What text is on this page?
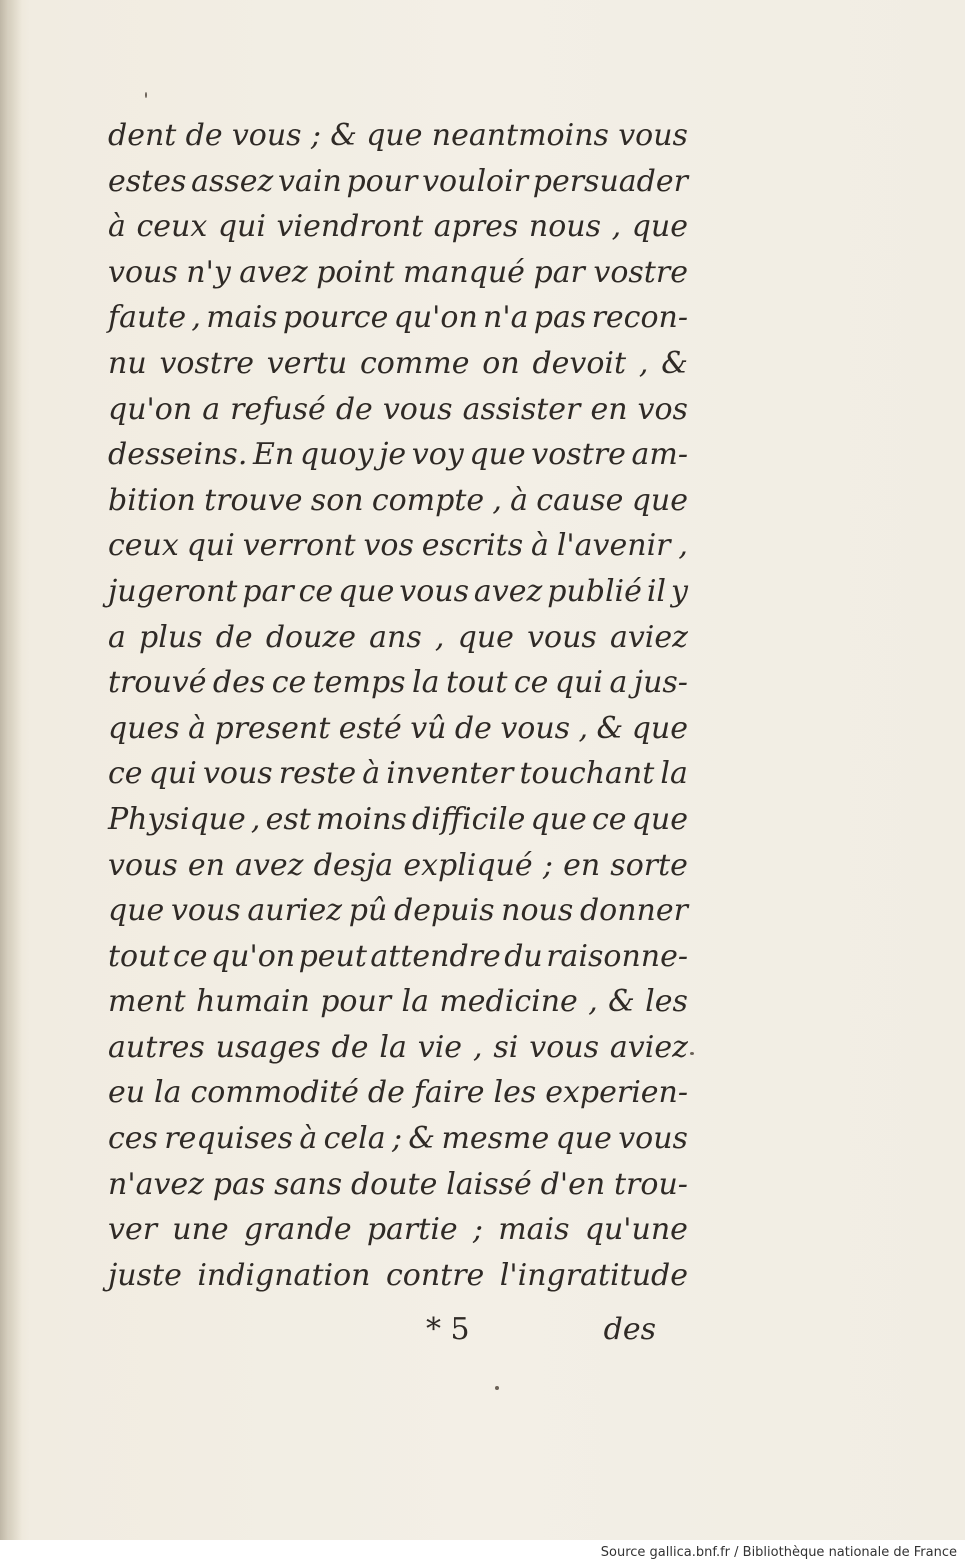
dent de vous ; & que neantmoins vous
estes assez vain pour vouloir persuader
à ceux qui viendront apres nous , que
vous n'y avez point manqué par vostre
faute , mais pource qu'on n'a pas recon-
nu vostre vertu comme on devoit , &
qu'on a refusé de vous assister en vos
desseins. En quoy je voy que vostre am-
bition trouve son compte , à cause que
ceux qui verront vos escrits à l'avenir ,
jugeront par ce que vous avez publié il y
a plus de douze ans , que vous aviez
trouvé des ce temps la tout ce qui a jus-
ques à present esté vû de vous , & que
ce qui vous reste à inventer touchant la
Physique , est moins difficile que ce que
vous en avez desja expliqué ; en sorte
que vous auriez pû depuis nous donner
tout ce qu'on peut attendre du raisonne-
ment humain pour la medicine , & les
autres usages de la vie , si vous aviez
eu la commodité de faire les experien-
ces requises à cela ; & mesme que vous
n'avez pas sans doute laissé d'en trou-
ver une grande partie ; mais qu'une
juste indignation contre l'ingratitude
* 5	des
Source gallica.bnf.fr / Bibliothèque nationale de France
